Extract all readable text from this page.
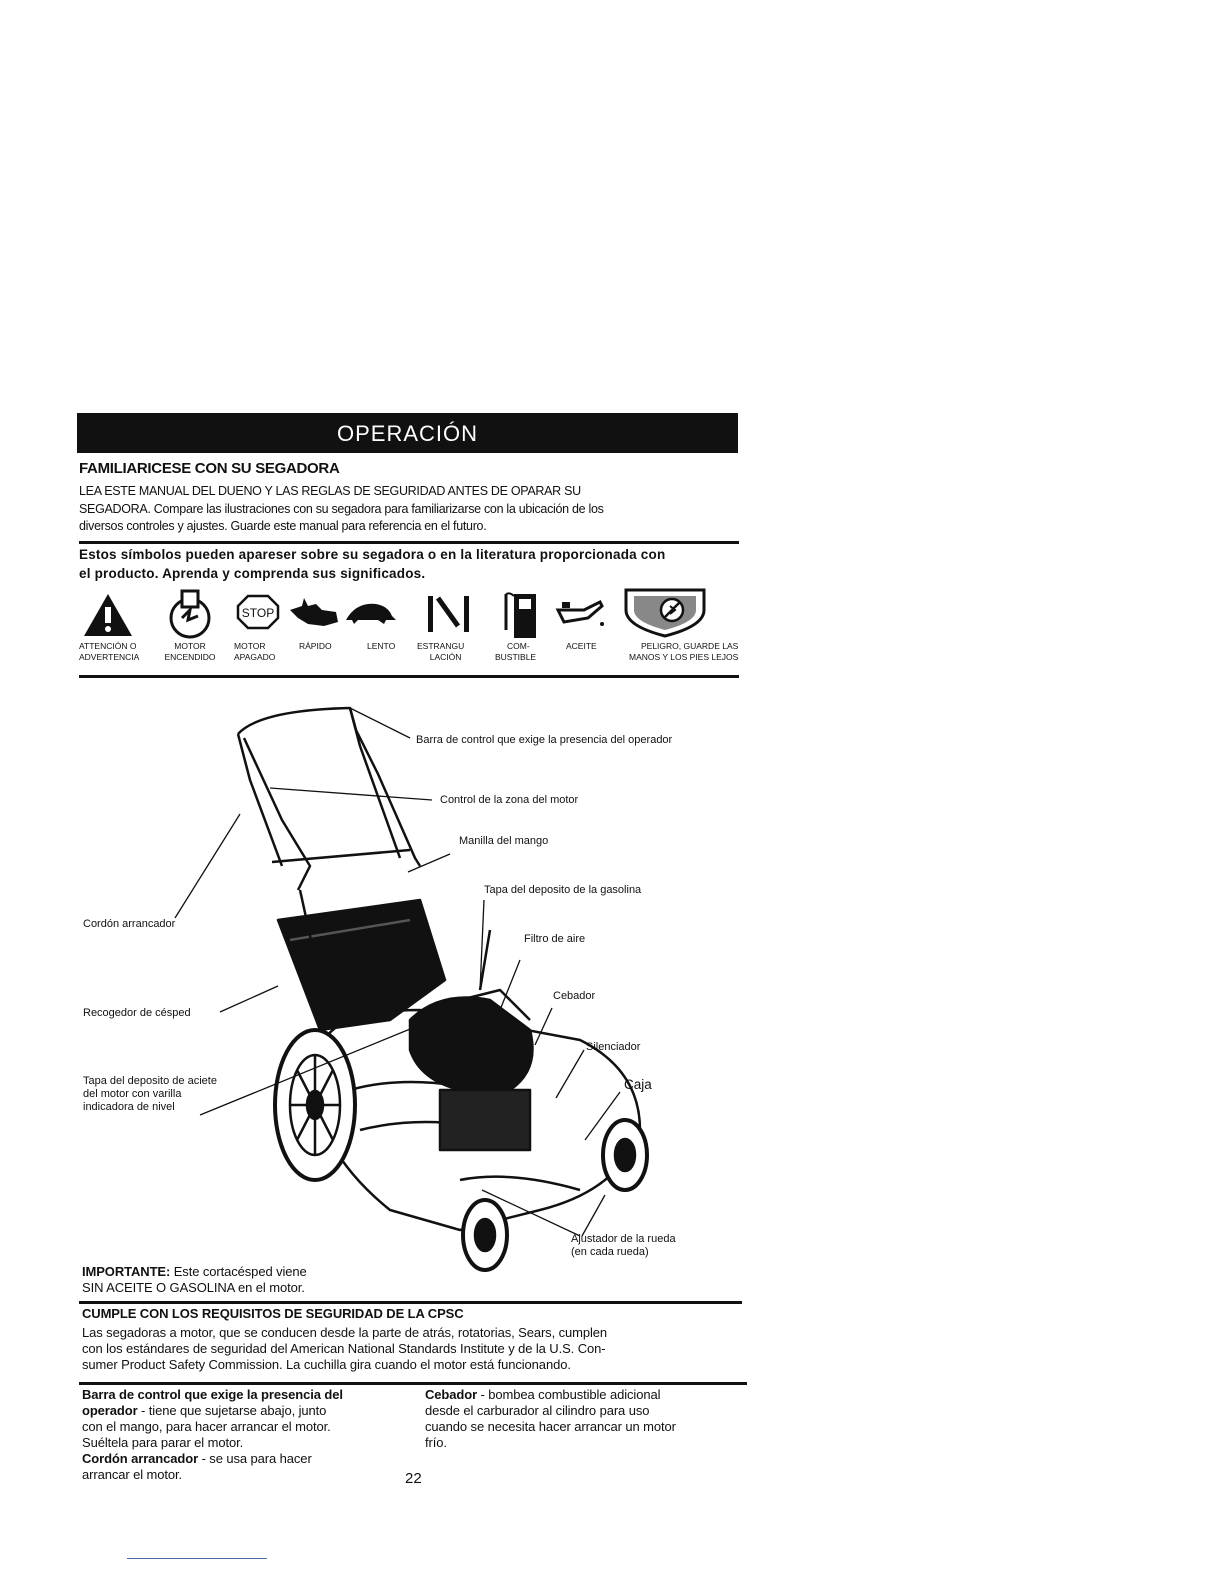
OPERACIÓN
FAMILIARICESE CON SU SEGADORA
LEA ESTE MANUAL DEL DUENO Y LAS REGLAS DE SEGURIDAD ANTES DE OPARAR SU
SEGADORA. Compare las ilustraciones con su segadora para familiarizarse con la ubicación de los
diversos controles y ajustes. Guarde este manual para referencia en el futuro.
Estos símbolos pueden apareser sobre su segadora o en la literatura proporcionada con
el producto. Aprenda y comprenda sus significados.
STOP
ATTENCIÓN O
ADVERTENCIA
MOTOR
ENCENDIDO
MOTOR
APAGADO
RÁPIDO	LENTO	ESTRANGU
LACIÓN
COM-
BUSTIBLE
ACEITE	PELIGRO, GUARDE LAS
MANOS Y LOS PIES LEJOS
Barra de control que exige la presencia del operador
Control de la zona del motor
Manilla del mango
Tapa del deposito de la gasolina
Filtro de aire
Cordón arrancador
Recogedor de césped
Cebador
Silenciador
Caja
Tapa del deposito de aciete
del motor con varilla
indicadora de nivel
Ajustador de la rueda
(en cada rueda)
IMPORTANTE: Este cortacésped viene
SIN ACEITE O GASOLINA en el motor.
CUMPLE CON LOS REQUISITOS DE SEGURIDAD DE LA CPSC
Las segadoras a motor, que se conducen desde la parte de atrás, rotatorias, Sears, cumplen
con los estándares de seguridad del American National Standards Institute y de la U.S. Con-
sumer Product Safety Commission. La cuchilla gira cuando el motor está funcionando.
Barra de control que exige la presencia del
operador - tiene que sujetarse abajo, junto
con el mango, para hacer arrancar el motor.
Suéltela para parar el motor.
Cordón arrancador - se usa para hacer
arrancar el motor.
Cebador - bombea combustible adicional
desde el carburador al cilindro para uso
cuando se necesita hacer arrancar un motor
frío.
22
